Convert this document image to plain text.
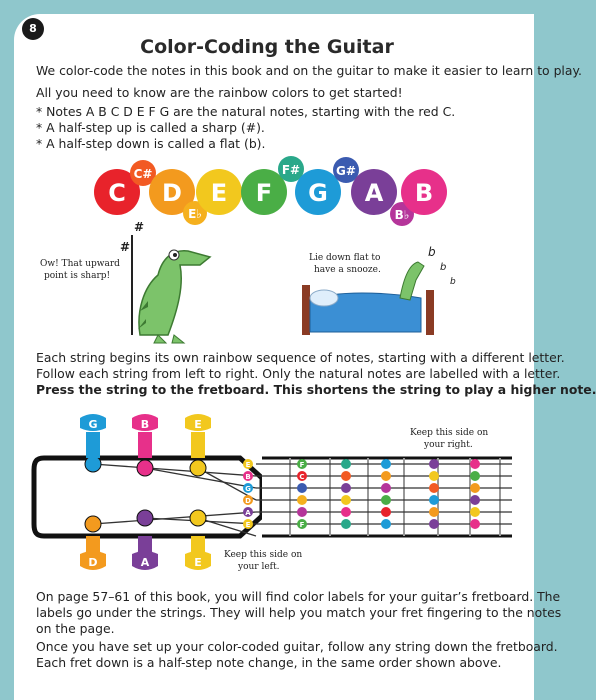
8
Color-Coding the Guitar
We color-code the notes in this book and on the guitar to make it easier to learn to play.
All you need to know are the rainbow colors to get started!
* Notes A B C D E F G are the natural notes, starting with the red C.
* A half-step up is called a sharp (#).
* A half-step down is called a flat (b).
C
C#
D
E♭
E F
F#
G
G#
A
B♭
B
#
#
Ow! That upward
point is sharp!
Lie down flat to
have a snooze.
b
b
b
Each string begins its own rainbow sequence of notes, starting with a different letter.
Follow each string from left to right. Only the natural notes are labelled with a letter.
Press the string to the fretboard. This shortens the string to play a higher note.
G	B	E
D	A	E
E
B
G
D
A
E
F
C
F
Keep this side on
your right.
Keep this side on
your left.
On page 57–61 of this book, you will find color labels for your guitar’s fretboard. The
labels go under the strings. They will help you match your fret fingering to the notes
on the page.
Once you have set up your color-coded guitar, follow any string down the fretboard.
Each fret down is a half-step note change, in the same order shown above.
